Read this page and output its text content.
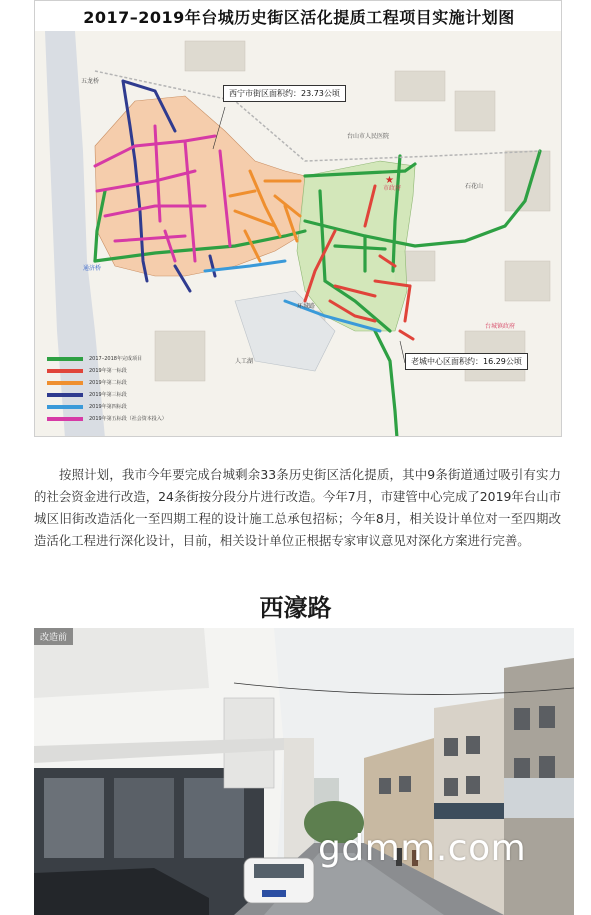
2017–2019年台城历史街区活化提质工程项目实施计划图
★
西宁市街区面积约：23.73公顷
老城中心区面积约：16.29公顷
五龙桥
台山市人民医院
市政府
人工湖
通济桥
环城路
石花山
台城镇政府
2017–2018年完成项目
2019年第一标段
2019年第二标段
2019年第三标段
2019年第四标段
2019年第五标段（社会资本投入）

按照计划，我市今年要完成台城剩余33条历史街区活化提质，其中9条街道通过吸引有实力的社会资金进行改造，24条街按分段分片进行改造。今年7月，市建管中心完成了2019年台山市城区旧街改造活化一至四期工程的设计施工总承包招标；今年8月，相关设计单位对一至四期改造活化工程进行深化设计，目前，相关设计单位正根据专家审议意见对深化方案进行完善。

西濠路
改造前
gdmm.com
